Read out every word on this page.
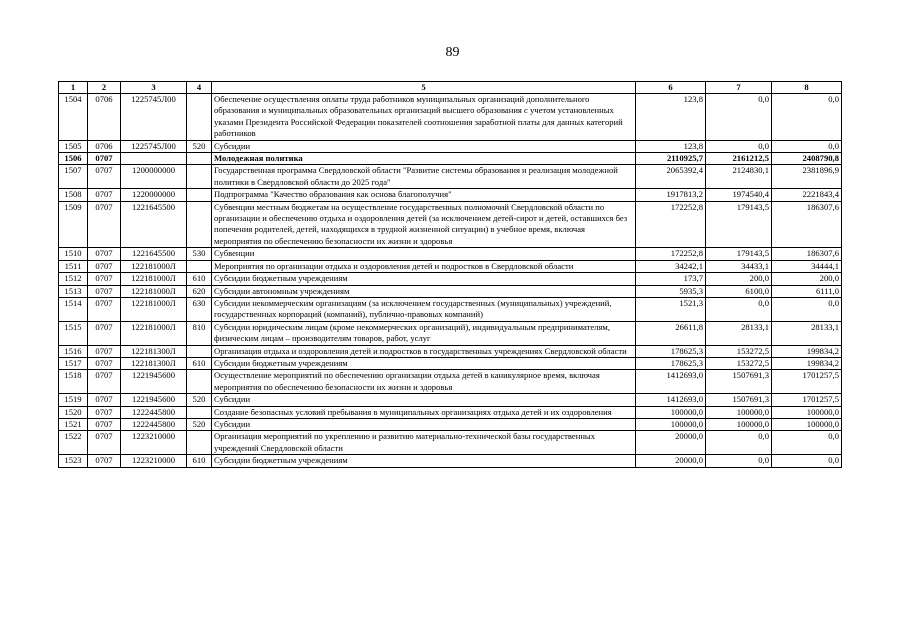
89
1	2	3	4	5	6	7	8
1504	0706	1225745Л00		Обеспечение осуществления оплаты труда работников муниципальных организаций дополнительного образования и муниципальных образовательных организаций высшего образования с учетом установленных указами Президента Российской Федерации показателей соотношения заработной платы для данных категорий работников	123,8	0,0	0,0
1505	0706	1225745Л00	520	Субсидии	123,8	0,0	0,0
1506	0707			Молодежная политика	2110925,7	2161212,5	2408790,8
1507	0707	1200000000		Государственная программа Свердловской области "Развитие системы образования и реализация молодежной политики в Свердловской области до 2025 года"	2065392,4	2124830,1	2381896,9
1508	0707	1220000000		Подпрограмма "Качество образования как основа благополучия"	1917813,2	1974540,4	2221843,4
1509	0707	1221645500		Субвенции местным бюджетам на осуществление государственных полномочий Свердловской области по организации и обеспечению отдыха и оздоровления детей (за исключением детей-сирот и детей, оставшихся без попечения родителей, детей, находящихся в трудной жизненной ситуации) в учебное время, включая мероприятия по обеспечению безопасности их жизни и здоровья	172252,8	179143,5	186307,6
1510	0707	1221645500	530	Субвенции	172252,8	179143,5	186307,6
1511	0707	122181000Л		Мероприятия по организации отдыха и оздоровления детей и подростков в Свердловской области	34242,1	34433,1	34444,1
1512	0707	122181000Л	610	Субсидии бюджетным учреждениям	173,7	200,0	200,0
1513	0707	122181000Л	620	Субсидии автономным учреждениям	5935,3	6100,0	6111,0
1514	0707	122181000Л	630	Субсидии некоммерческим организациям (за исключением государственных (муниципальных) учреждений, государственных корпораций (компаний), публично-правовых компаний)	1521,3	0,0	0,0
1515	0707	122181000Л	810	Субсидии юридическим лицам (кроме некоммерческих организаций), индивидуальным предпринимателям, физическим лицам – производителям товаров, работ, услуг	26611,8	28133,1	28133,1
1516	0707	122181300Л		Организация отдыха и оздоровления детей и подростков в государственных учреждениях Свердловской области	178625,3	153272,5	199834,2
1517	0707	122181300Л	610	Субсидии бюджетным учреждениям	178625,3	153272,5	199834,2
1518	0707	1221945600		Осуществление мероприятий по обеспечению организации отдыха детей в каникулярное время, включая мероприятия по обеспечению безопасности их жизни и здоровья	1412693,0	1507691,3	1701257,5
1519	0707	1221945600	520	Субсидии	1412693,0	1507691,3	1701257,5
1520	0707	1222445800		Создание безопасных условий пребывания в муниципальных организациях отдыха детей и их оздоровления	100000,0	100000,0	100000,0
1521	0707	1222445800	520	Субсидии	100000,0	100000,0	100000,0
1522	0707	1223210000		Организация мероприятий по укреплению и развитию материально-технической базы государственных учреждений Свердловской области	20000,0	0,0	0,0
1523	0707	1223210000	610	Субсидии бюджетным учреждениям	20000,0	0,0	0,0
